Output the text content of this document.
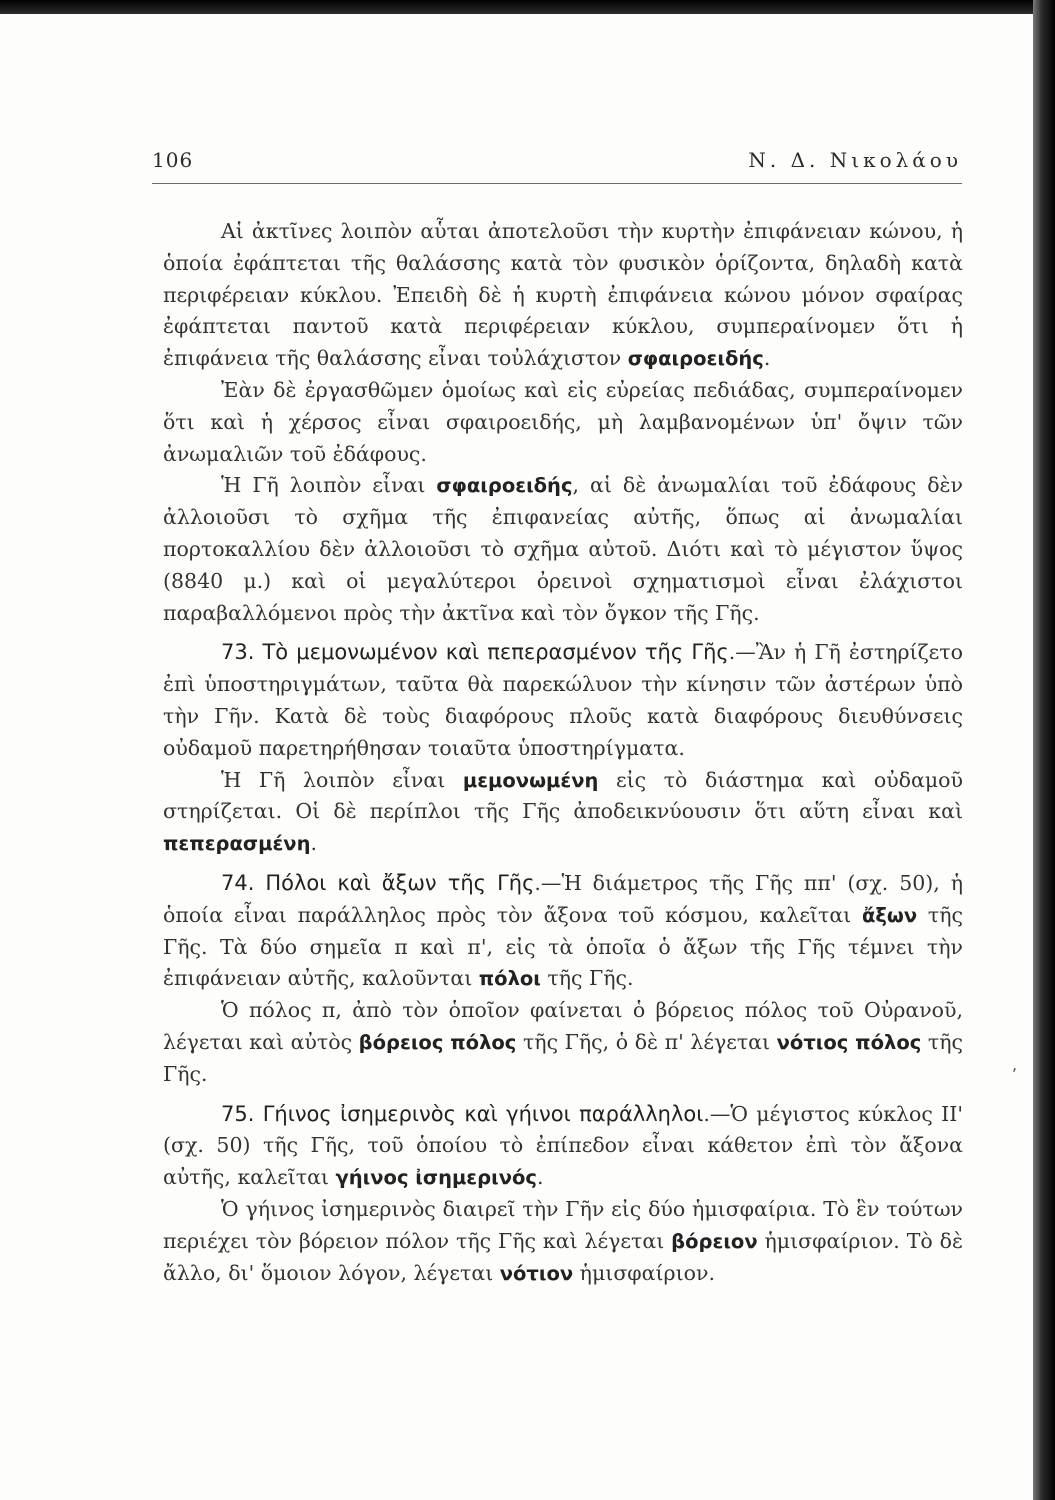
106	Ν. Δ. Νικολάου

Αἱ ἀκτῖνες λοιπὸν αὗται ἀποτελοῦσι τὴν κυρτὴν ἐπιφάνειαν κώνου, ἡ ὁποία ἐφάπτεται τῆς θαλάσσης κατὰ τὸν φυσικὸν ὁρίζοντα, δηλαδὴ κατὰ περιφέρειαν κύκλου. Ἐπειδὴ δὲ ἡ κυρτὴ ἐπιφάνεια κώνου μόνον σφαίρας ἐφάπτεται παντοῦ κατὰ περιφέρειαν κύκλου, συμπεραίνομεν ὅτι ἡ ἐπιφάνεια τῆς θαλάσσης εἶναι τοὐλάχιστον σφαιροειδής.

Ἐὰν δὲ ἐργασθῶμεν ὁμοίως καὶ εἰς εὐρείας πεδιάδας, συμπεραίνομεν ὅτι καὶ ἡ χέρσος εἶναι σφαιροειδής, μὴ λαμβανομένων ὑπ' ὄψιν τῶν ἀνωμαλιῶν τοῦ ἐδάφους.

Ἡ Γῆ λοιπὸν εἶναι σφαιροειδής, αἱ δὲ ἀνωμαλίαι τοῦ ἐδάφους δὲν ἀλλοιοῦσι τὸ σχῆμα τῆς ἐπιφανείας αὐτῆς, ὅπως αἱ ἀνωμαλίαι πορτοκαλλίου δὲν ἀλλοιοῦσι τὸ σχῆμα αὐτοῦ. Διότι καὶ τὸ μέγιστον ὕψος (8840 μ.) καὶ οἱ μεγαλύτεροι ὀρεινοὶ σχηματισμοὶ εἶναι ἐλάχιστοι παραβαλλόμενοι πρὸς τὴν ἀκτῖνα καὶ τὸν ὄγκον τῆς Γῆς.

73. Τὸ μεμονωμένον καὶ πεπερασμένον τῆς Γῆς.—Ἂν ἡ Γῆ ἐστηρίζετο ἐπὶ ὑποστηριγμάτων, ταῦτα θὰ παρεκώλυον τὴν κίνησιν τῶν ἀστέρων ὑπὸ τὴν Γῆν. Κατὰ δὲ τοὺς διαφόρους πλοῦς κατὰ διαφόρους διευθύνσεις οὐδαμοῦ παρετηρήθησαν τοιαῦτα ὑποστηρίγματα.

Ἡ Γῆ λοιπὸν εἶναι μεμονωμένη εἰς τὸ διάστημα καὶ οὐδαμοῦ στηρίζεται. Οἱ δὲ περίπλοι τῆς Γῆς ἀποδεικνύουσιν ὅτι αὕτη εἶναι καὶ πεπερασμένη.

74. Πόλοι καὶ ἄξων τῆς Γῆς.—Ἡ διάμετρος τῆς Γῆς ππ' (σχ. 50), ἡ ὁποία εἶναι παράλληλος πρὸς τὸν ἄξονα τοῦ κόσμου, καλεῖται ἄξων τῆς Γῆς. Τὰ δύο σημεῖα π καὶ π', εἰς τὰ ὁποῖα ὁ ἄξων τῆς Γῆς τέμνει τὴν ἐπιφάνειαν αὐτῆς, καλοῦνται πόλοι τῆς Γῆς.

Ὁ πόλος π, ἀπὸ τὸν ὁποῖον φαίνεται ὁ βόρειος πόλος τοῦ Οὐρανοῦ, λέγεται καὶ αὐτὸς βόρειος πόλος τῆς Γῆς, ὁ δὲ π' λέγεται νότιος πόλος τῆς Γῆς.

75. Γήινος ἰσημερινὸς καὶ γήινοι παράλληλοι.—Ὁ μέγιστος κύκλος ΙΙ' (σχ. 50) τῆς Γῆς, τοῦ ὁποίου τὸ ἐπίπεδον εἶναι κάθετον ἐπὶ τὸν ἄξονα αὐτῆς, καλεῖται γήινος ἰσημερινός.

Ὁ γήινος ἰσημερινὸς διαιρεῖ τὴν Γῆν εἰς δύο ἡμισφαίρια. Τὸ ἓν τούτων περιέχει τὸν βόρειον πόλον τῆς Γῆς καὶ λέγεται βόρειον ἡμισφαίριον. Τὸ δὲ ἄλλο, δι' ὅμοιον λόγον, λέγεται νότιον ἡμισφαίριον.

,
